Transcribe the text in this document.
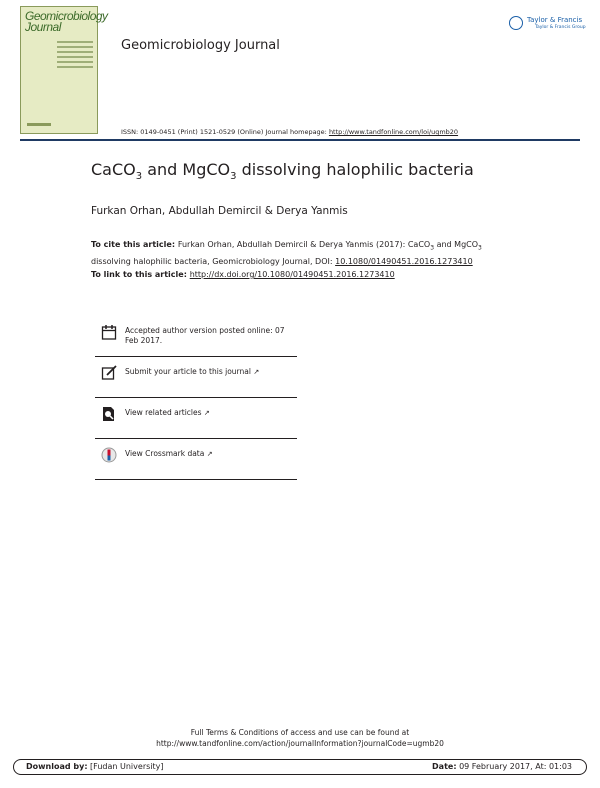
Geomicrobiology
Journal
Geomicrobiology Journal
Taylor & Francis
Taylor & Francis Group
ISSN: 0149-0451 (Print) 1521-0529 (Online) Journal homepage: http://www.tandfonline.com/loi/ugmb20
CaCO$_3$ and MgCO$_3$ dissolving halophilic bacteria
Furkan Orhan, Abdullah Demircil & Derya Yanmis
To cite this article: Furkan Orhan, Abdullah Demircil & Derya Yanmis (2017): CaCO$_3$ and MgCO$_3$ dissolving halophilic bacteria, Geomicrobiology Journal, DOI: 10.1080/01490451.2016.1273410
To link to this article: http://dx.doi.org/10.1080/01490451.2016.1273410
Accepted author version posted online: 07 Feb 2017.
Submit your article to this journal ↗
View related articles ↗
View Crossmark data ↗
Full Terms & Conditions of access and use can be found at
http://www.tandfonline.com/action/journalInformation?journalCode=ugmb20
Download by: [Fudan University]	Date: 09 February 2017, At: 01:03
